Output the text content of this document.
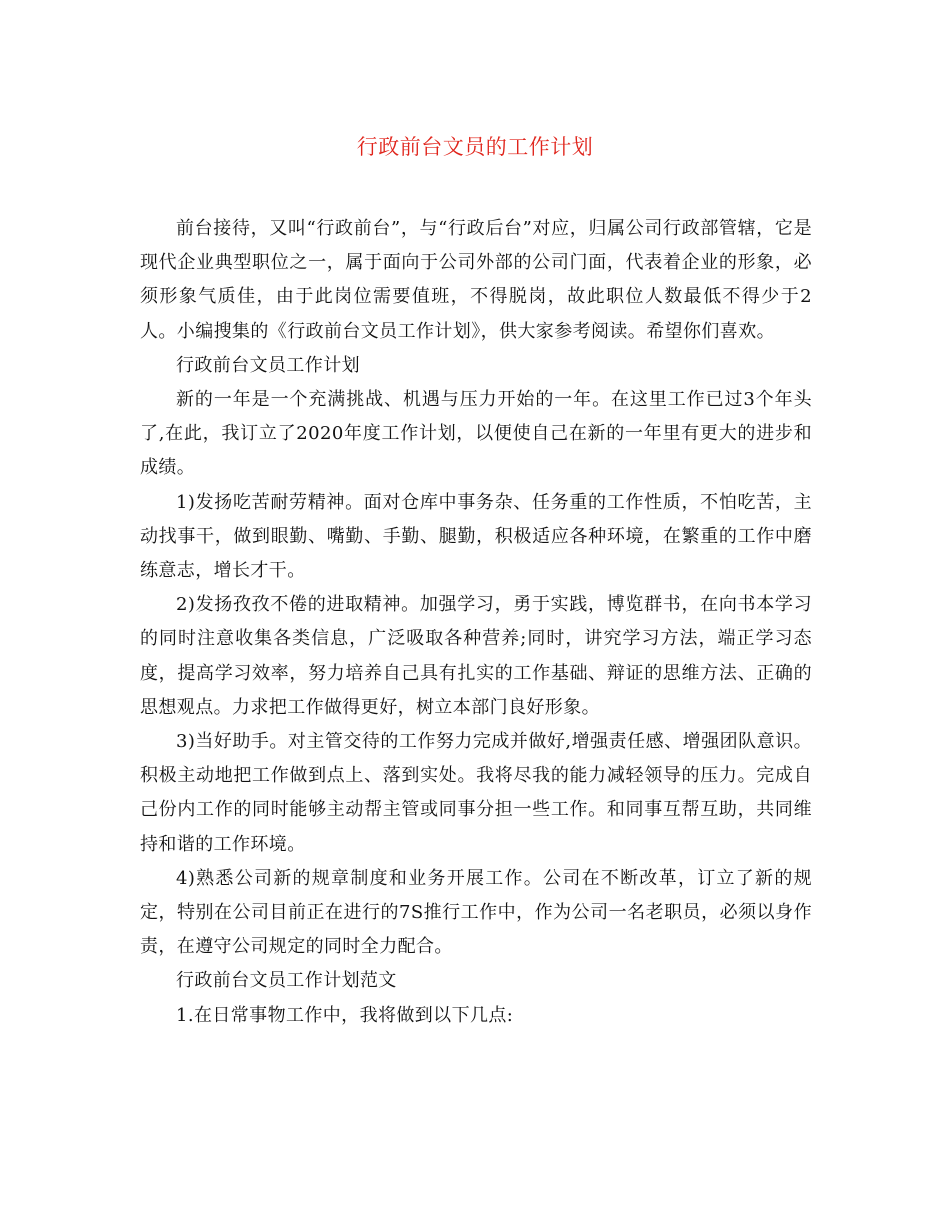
行政前台文员的工作计划

前台接待，又叫“行政前台”，与“行政后台”对应，归属公司行政部管辖，它是现代企业典型职位之一，属于面向于公司外部的公司门面，代表着企业的形象，必须形象气质佳，由于此岗位需要值班，不得脱岗，故此职位人数最低不得少于2人。小编搜集的《行政前台文员工作计划》，供大家参考阅读。希望你们喜欢。

行政前台文员工作计划

新的一年是一个充满挑战、机遇与压力开始的一年。在这里工作已过3个年头了,在此，我订立了2020年度工作计划，以便使自己在新的一年里有更大的进步和成绩。

1)发扬吃苦耐劳精神。面对仓库中事务杂、任务重的工作性质，不怕吃苦，主动找事干，做到眼勤、嘴勤、手勤、腿勤，积极适应各种环境，在繁重的工作中磨练意志，增长才干。

2)发扬孜孜不倦的进取精神。加强学习，勇于实践，博览群书，在向书本学习的同时注意收集各类信息，广泛吸取各种营养;同时，讲究学习方法，端正学习态度，提高学习效率，努力培养自己具有扎实的工作基础、辩证的思维方法、正确的思想观点。力求把工作做得更好，树立本部门良好形象。

3)当好助手。对主管交待的工作努力完成并做好,增强责任感、增强团队意识。积极主动地把工作做到点上、落到实处。我将尽我的能力减轻领导的压力。完成自己份内工作的同时能够主动帮主管或同事分担一些工作。和同事互帮互助，共同维持和谐的工作环境。

4)熟悉公司新的规章制度和业务开展工作。公司在不断改革，订立了新的规定，特别在公司目前正在进行的7S推行工作中，作为公司一名老职员，必须以身作责，在遵守公司规定的同时全力配合。

行政前台文员工作计划范文

1.在日常事物工作中，我将做到以下几点:
